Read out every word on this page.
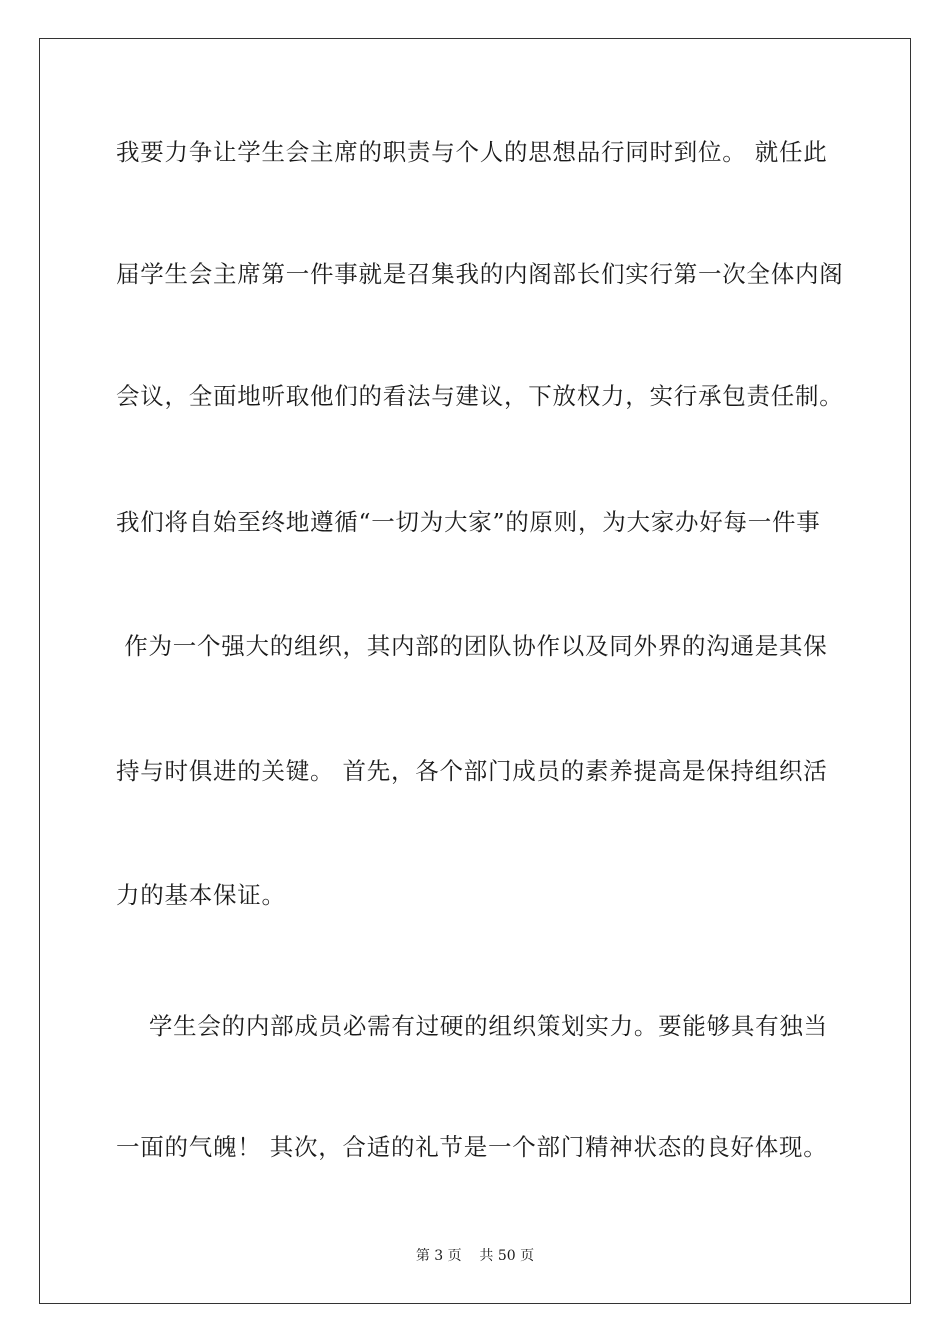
我要力争让学生会主席的职责与个人的思想品行同时到位。 就任此
届学生会主席第一件事就是召集我的内阁部长们实行第一次全体内阁
会议，全面地听取他们的看法与建议，下放权力，实行承包责任制。
我们将自始至终地遵循“一切为大家”的原则，为大家办好每一件事
作为一个强大的组织，其内部的团队协作以及同外界的沟通是其保
持与时俱进的关键。 首先，各个部门成员的素养提高是保持组织活
力的基本保证。
学生会的内部成员必需有过硬的组织策划实力。要能够具有独当
一面的气魄！ 其次，合适的礼节是一个部门精神状态的良好体现。
第 3 页    共 50 页
